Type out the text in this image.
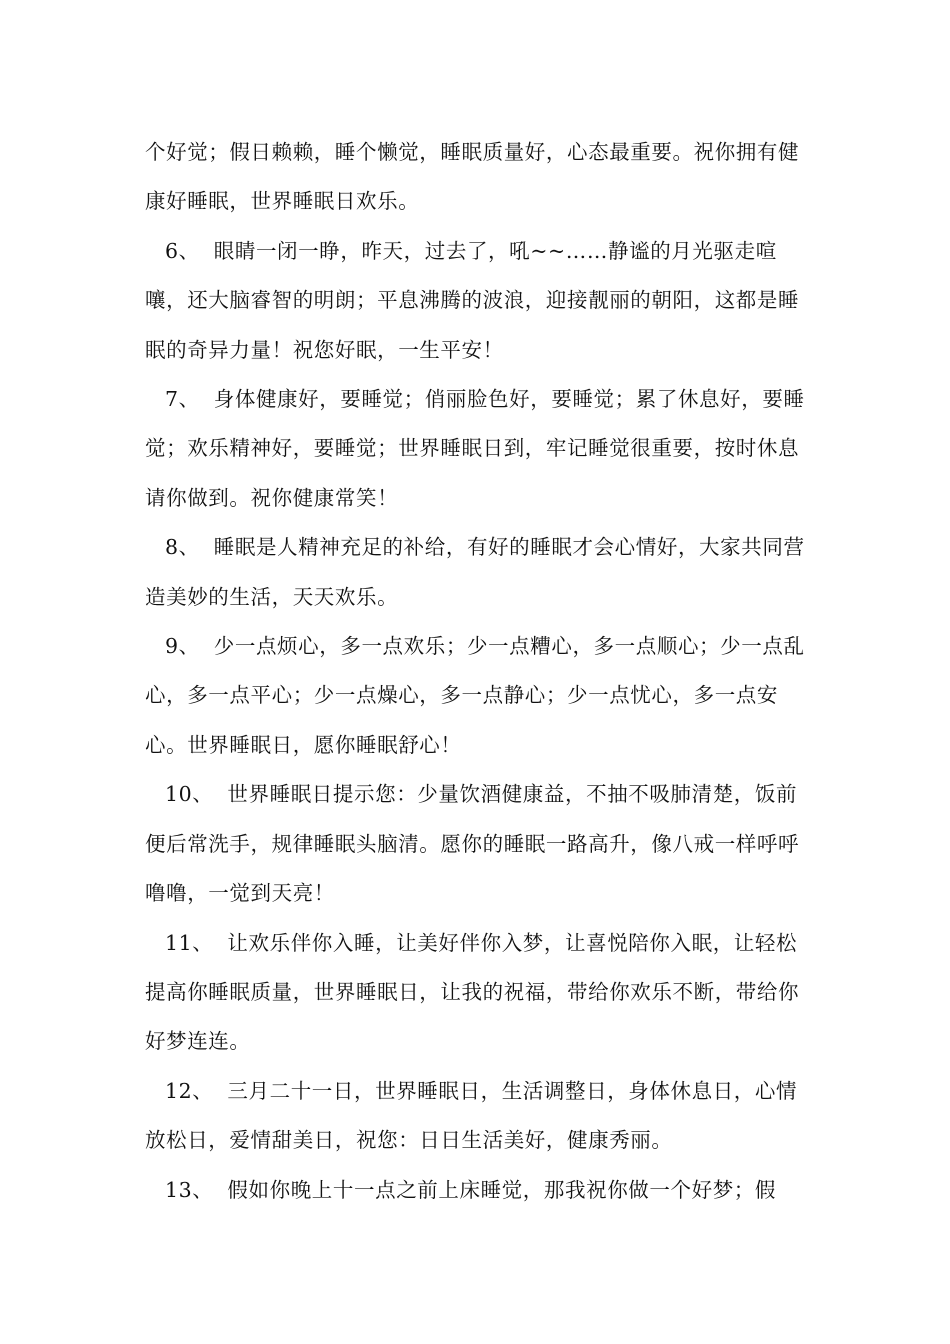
个好觉；假日赖赖，睡个懒觉，睡眠质量好，心态最重要。祝你拥有健康好睡眠，世界睡眠日欢乐。

6、 眼睛一闭一睁，昨天，过去了，吼~~……静谧的月光驱走喧嚷，还大脑睿智的明朗；平息沸腾的波浪，迎接靓丽的朝阳，这都是睡眠的奇异力量！祝您好眠，一生平安！

7、 身体健康好，要睡觉；俏丽脸色好，要睡觉；累了休息好，要睡觉；欢乐精神好，要睡觉；世界睡眠日到，牢记睡觉很重要，按时休息请你做到。祝你健康常笑！

8、 睡眠是人精神充足的补给，有好的睡眠才会心情好，大家共同营造美妙的生活，天天欢乐。

9、 少一点烦心，多一点欢乐；少一点糟心，多一点顺心；少一点乱心，多一点平心；少一点燥心，多一点静心；少一点忧心，多一点安心。世界睡眠日，愿你睡眠舒心！

10、 世界睡眠日提示您：少量饮酒健康益，不抽不吸肺清楚，饭前便后常洗手，规律睡眠头脑清。愿你的睡眠一路高升，像八戒一样呼呼噜噜，一觉到天亮！

11、 让欢乐伴你入睡，让美好伴你入梦，让喜悦陪你入眠，让轻松提高你睡眠质量，世界睡眠日，让我的祝福，带给你欢乐不断，带给你好梦连连。

12、 三月二十一日，世界睡眠日，生活调整日，身体休息日，心情放松日，爱情甜美日，祝您：日日生活美好，健康秀丽。

13、 假如你晚上十一点之前上床睡觉，那我祝你做一个好梦；假
